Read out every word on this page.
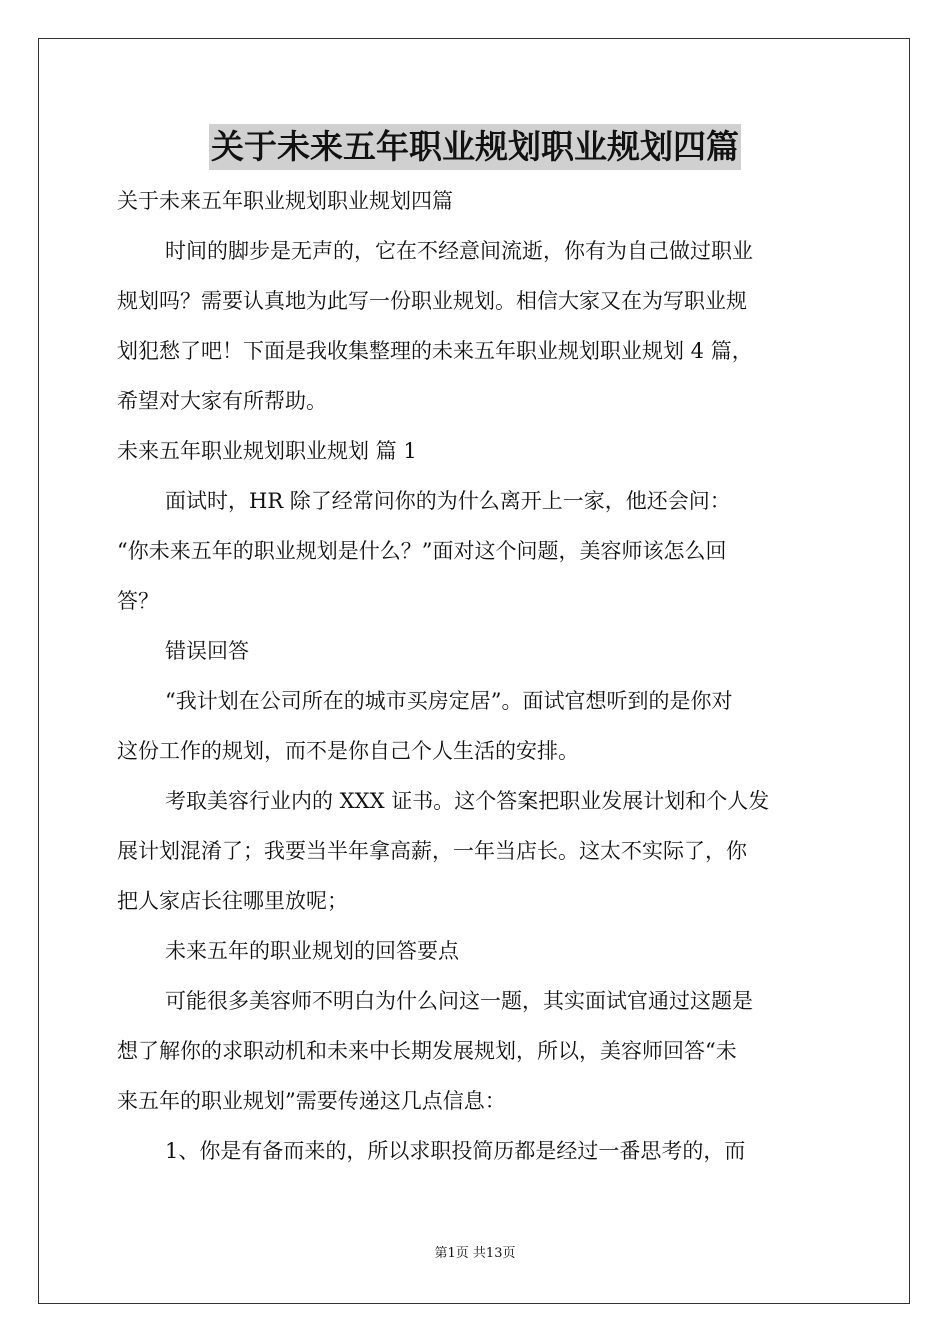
关于未来五年职业规划职业规划四篇
关于未来五年职业规划职业规划四篇
时间的脚步是无声的，它在不经意间流逝，你有为自己做过职业
规划吗？需要认真地为此写一份职业规划。相信大家又在为写职业规
划犯愁了吧！下面是我收集整理的未来五年职业规划职业规划 4 篇，
希望对大家有所帮助。
未来五年职业规划职业规划 篇 1
面试时，HR 除了经常问你的为什么离开上一家，他还会问：
“你未来五年的职业规划是什么？”面对这个问题，美容师该怎么回
答？
错误回答
“我计划在公司所在的城市买房定居”。面试官想听到的是你对
这份工作的规划，而不是你自己个人生活的安排。
考取美容行业内的 XXX 证书。这个答案把职业发展计划和个人发
展计划混淆了；我要当半年拿高薪，一年当店长。这太不实际了，你
把人家店长往哪里放呢；
未来五年的职业规划的回答要点
可能很多美容师不明白为什么问这一题，其实面试官通过这题是
想了解你的求职动机和未来中长期发展规划，所以，美容师回答“未
来五年的职业规划”需要传递这几点信息：
1、你是有备而来的，所以求职投简历都是经过一番思考的，而
第1页 共13页
